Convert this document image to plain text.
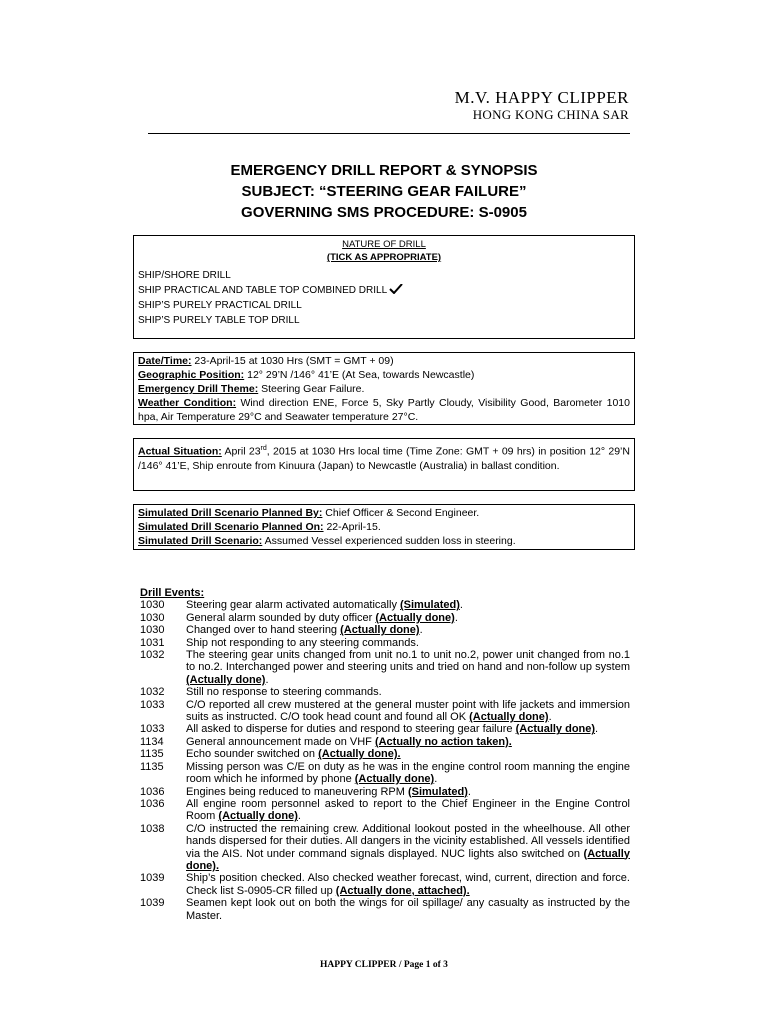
M.V. HAPPY CLIPPER
HONG KONG CHINA SAR
EMERGENCY DRILL REPORT & SYNOPSIS
SUBJECT: “STEERING GEAR FAILURE”
GOVERNING SMS PROCEDURE: S-0905
NATURE OF DRILL
(TICK AS APPROPRIATE)
SHIP/SHORE DRILL
SHIP PRACTICAL AND TABLE TOP COMBINED DRILL
SHIP’S PURELY PRACTICAL DRILL
SHIP’S PURELY TABLE TOP DRILL
Date/Time: 23-April-15 at 1030 Hrs (SMT = GMT + 09)
Geographic Position: 12° 29’N /146° 41’E (At Sea, towards Newcastle)
Emergency Drill Theme: Steering Gear Failure.
Weather Condition: Wind direction ENE, Force 5, Sky Partly Cloudy, Visibility Good, Barometer 1010 hpa, Air Temperature 29°C and Seawater temperature 27°C.
Actual Situation: April 23rd, 2015 at 1030 Hrs local time (Time Zone: GMT + 09 hrs) in position 12° 29’N /146° 41’E, Ship enroute from Kinuura (Japan) to Newcastle (Australia) in ballast condition.
Simulated Drill Scenario Planned By: Chief Officer & Second Engineer.
Simulated Drill Scenario Planned On: 22-April-15.
Simulated Drill Scenario: Assumed Vessel experienced sudden loss in steering.
Drill Events:
1030	Steering gear alarm activated automatically (Simulated).
1030	General alarm sounded by duty officer (Actually done).
1030	Changed over to hand steering (Actually done).
1031	Ship not responding to any steering commands.
1032	The steering gear units changed from unit no.1 to unit no.2, power unit changed from no.1 to no.2. Interchanged power and steering units and tried on hand and non-follow up system (Actually done).
1032	Still no response to steering commands.
1033	C/O reported all crew mustered at the general muster point with life jackets and immersion suits as instructed. C/O took head count and found all OK (Actually done).
1033	All asked to disperse for duties and respond to steering gear failure (Actually done).
1134	General announcement made on VHF (Actually no action taken).
1135	Echo sounder switched on (Actually done).
1135	Missing person was C/E on duty as he was in the engine control room manning the engine room which he informed by phone (Actually done).
1036	Engines being reduced to maneuvering RPM (Simulated).
1036	All engine room personnel asked to report to the Chief Engineer in the Engine Control Room (Actually done).
1038	C/O instructed the remaining crew. Additional lookout posted in the wheelhouse. All other hands dispersed for their duties. All dangers in the vicinity established. All vessels identified via the AIS. Not under command signals displayed. NUC lights also switched on (Actually done).
1039	Ship’s position checked. Also checked weather forecast, wind, current, direction and force. Check list S-0905-CR filled up (Actually done, attached).
1039	Seamen kept look out on both the wings for oil spillage/ any casualty as instructed by the Master.
HAPPY CLIPPER / Page 1 of 3
